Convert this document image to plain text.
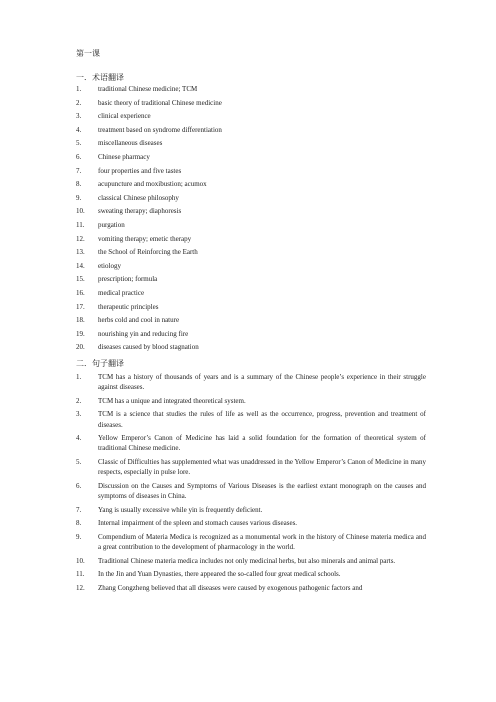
第一课
一．术语翻译
1. traditional Chinese medicine; TCM
2. basic theory of traditional Chinese medicine
3. clinical experience
4. treatment based on syndrome differentiation
5. miscellaneous diseases
6. Chinese pharmacy
7. four properties and five tastes
8. acupuncture and moxibustion; acumox
9. classical Chinese philosophy
10. sweating therapy; diaphoresis
11. purgation
12. vomiting therapy; emetic therapy
13. the School of Reinforcing the Earth
14. etiology
15. prescription; formula
16. medical practice
17. therapeutic principles
18. herbs cold and cool in nature
19. nourishing yin and reducing fire
20. diseases caused by blood stagnation
二．句子翻译
1. TCM has a history of thousands of years and is a summary of the Chinese people’s experience in their struggle against diseases.
2. TCM has a unique and integrated theoretical system.
3. TCM is a science that studies the rules of life as well as the occurrence, progress, prevention and treatment of diseases.
4. Yellow Emperor’s Canon of Medicine has laid a solid foundation for the formation of theoretical system of traditional Chinese medicine.
5. Classic of Difficulties has supplemented what was unaddressed in the Yellow Emperor’s Canon of Medicine in many respects, especially in pulse lore.
6. Discussion on the Causes and Symptoms of Various Diseases is the earliest extant monograph on the causes and symptoms of diseases in China.
7. Yang is usually excessive while yin is frequently deficient.
8. Internal impairment of the spleen and stomach causes various diseases.
9. Compendium of Materia Medica is recognized as a monumental work in the history of Chinese materia medica and a great contribution to the development of pharmacology in the world.
10. Traditional Chinese materia medica includes not only medicinal herbs, but also minerals and animal parts.
11. In the Jin and Yuan Dynasties, there appeared the so-called four great medical schools.
12. Zhang Congzheng believed that all diseases were caused by exogenous pathogenic factors and
